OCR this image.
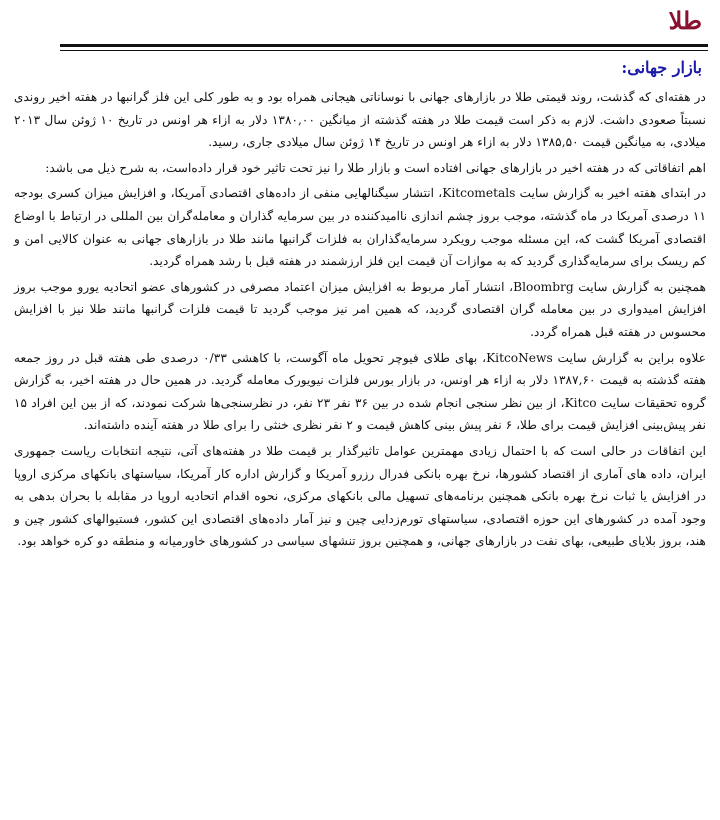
طلا
بازار جهانی:

در هفته‌ای که گذشت، روند قیمتی طلا در بازارهای جهانی با نوساناتی هیجانی همراه بود و به طور کلی این فلز گرانبها در هفته اخیر روندی نسبتاً صعودی داشت. لازم به ذکر است قیمت طلا در هفته گذشته از میانگین ۱۳۸۰,۰۰ دلار به ازاء هر اونس در تاریخ ۱۰ ژوئن سال ۲۰۱۳ میلادی، به میانگین قیمت ۱۳۸۵,۵۰ دلار به ازاء هر اونس در تاریخ ۱۴ ژوئن سال میلادی جاری، رسید.

اهم اتفاقاتی که در هفته اخیر در بازارهای جهانی افتاده است و بازار طلا را نیز تحت تاثیر خود قرار داده‌است، به شرح ذیل می باشد:

در ابتدای هفته اخیر به گزارش سایت Kitcometals، انتشار سیگنالهایی منفی از داده‌های اقتصادی آمریکا، و افزایش میزان کسری بودجه ۱۱ درصدی آمریکا در ماه گذشته، موجب بروز چشم اندازی ناامیدکننده در بین سرمایه گذاران و معامله‌گران بین المللی در ارتباط با اوضاع اقتصادی آمریکا گشت که، این مسئله موجب رویکرد سرمایه‌گذاران به فلزات گرانبها مانند طلا در بازارهای جهانی به عنوان کالایی امن و کم ریسک برای سرمایه‌گذاری گردید که به موازات آن قیمت این فلز ارزشمند در هفته قبل با رشد همراه گردید.

همچنین به گزارش سایت Bloombrg، انتشار آمار مربوط به افزایش میزان اعتماد مصرفی در کشورهای عضو اتحادیه یورو موجب بروز افزایش امیدواری در بین معامله گران اقتصادی گردید، که همین امر نیز موجب گردید تا قیمت فلزات گرانبها مانند طلا نیز با افزایش محسوس در هفته قبل همراه گردد.

علاوه براین به گزارش سایت KitcoNews، بهای طلای فیوچر تحویل ماه آگوست، با کاهشی ۰/۳۳ درصدی طی هفته قبل در روز جمعه هفته گذشته به قیمت ۱۳۸۷,۶۰ دلار به ازاء هر اونس، در بازار بورس فلزات نیویورک معامله گردید. در همین حال در هفته اخیر، به گزارش گروه تحقیقات سایت Kitco، از بین نظر سنجی انجام شده در بین ۳۶ نفر ۲۳ نفر، در نظرسنجی‌ها شرکت نمودند، که از بین این افراد ۱۵ نفر پیش‌بینی افزایش قیمت برای طلا، ۶ نفر پیش بینی کاهش قیمت و ۲ نفر نظری خنثی را برای طلا در هفته آینده داشته‌اند.

این اتفاقات در حالی است که با احتمال زیادی مهمترین عوامل تاثیرگذار بر قیمت طلا در هفته‌های آتی، نتیجه انتخابات ریاست جمهوری ایران، داده های آماری از اقتصاد کشورها، نرخ بهره بانکی فدرال رزرو آمریکا و گزارش اداره کار آمریکا، سیاستهای بانکهای مرکزی اروپا در افزایش یا ثبات نرخ بهره بانکی همچنین برنامه‌های تسهیل مالی بانکهای مرکزی، نحوه اقدام اتحادیه اروپا در مقابله با بحران بدهی به وجود آمده در کشورهای این حوزه اقتصادی، سیاستهای تورم‌زدایی چین و نیز آمار داده‌های اقتصادی این کشور، فستیوالهای کشور چین و هند، بروز بلایای طبیعی، بهای نفت در بازارهای جهانی، و همچنین بروز تنشهای سیاسی در کشورهای خاورمیانه و منطقه دو کره خواهد بود.
